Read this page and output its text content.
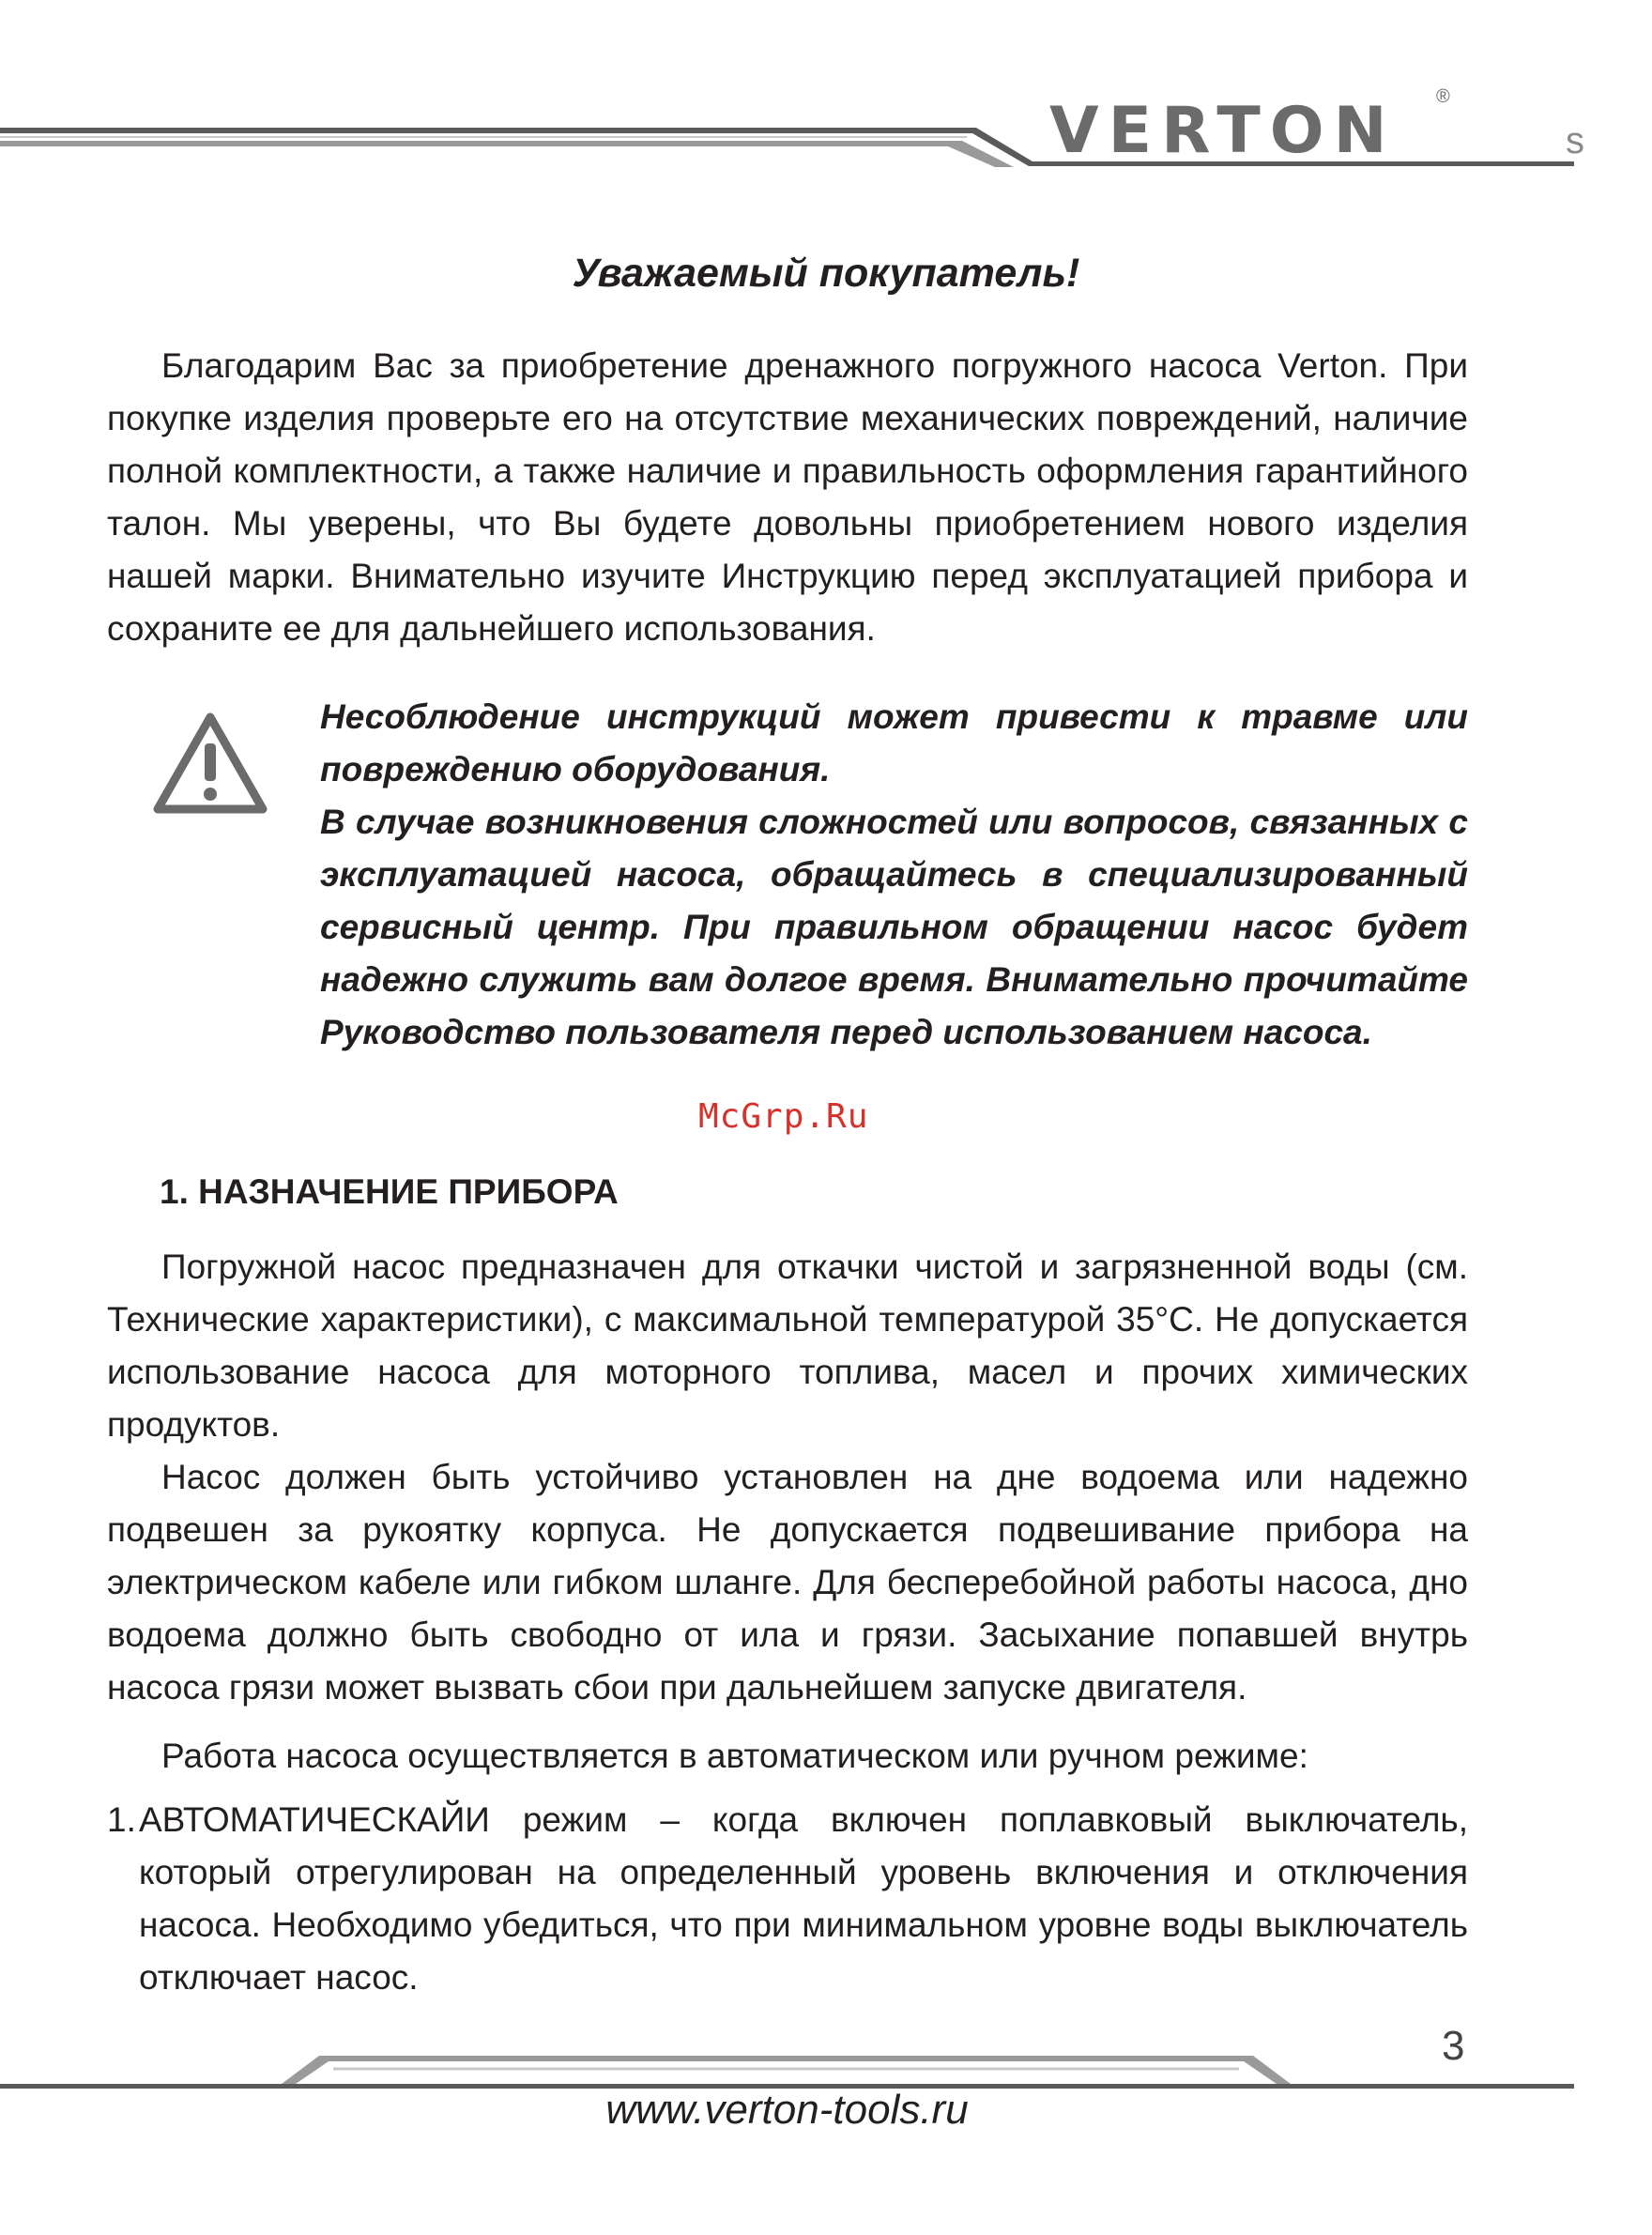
VERTON	®
s
Уважаемый покупатель!

Благодарим Вас за приобретение дренажного погружного насоса Verton. При покупке изделия проверьте его на отсутствие механических повреждений, наличие полной комплектности, а также наличие и правильность оформления гарантийного талон. Мы уверены, что Вы будете довольны приобретением нового изделия нашей марки. Внимательно изучите Инструкцию перед эксплуатацией прибора и сохраните ее для дальнейшего использования.

Несоблюдение инструкций может привести к травме или повреждению оборудования.

В случае возникновения сложностей или вопросов, связанных с эксплуатацией насоса, обращайтесь в специализированный сервисный центр. При правильном обращении насос будет надежно служить вам долгое время. Внимательно прочитайте Руководство пользователя перед использованием насоса.

McGrp.Ru
1. НАЗНАЧЕНИЕ ПРИБОРА

Погружной насос предназначен для откачки чистой и загрязненной воды (см. Технические характеристики), с максимальной температурой 35°C. Не допускается использование насоса для моторного топлива, масел и прочих химических продуктов.

Насос должен быть устойчиво установлен на дне водоема или надежно подвешен за рукоятку корпуса. Не допускается подвешивание прибора на электрическом кабеле или гибком шланге. Для бесперебойной работы насоса, дно водоема должно быть свободно от ила и грязи. Засыхание попавшей внутрь насоса грязи может вызвать сбои при дальнейшем запуске двигателя.

Работа насоса осуществляется в автоматическом или ручном режиме:

1. АВТОМАТИЧЕСКАЙИ режим – когда включен поплавковый выключатель, который отрегулирован на определенный уровень включения и отключения насоса. Необходимо убедиться, что при минимальном уровне воды выключатель отключает насос.
3
www.verton-tools.ru
